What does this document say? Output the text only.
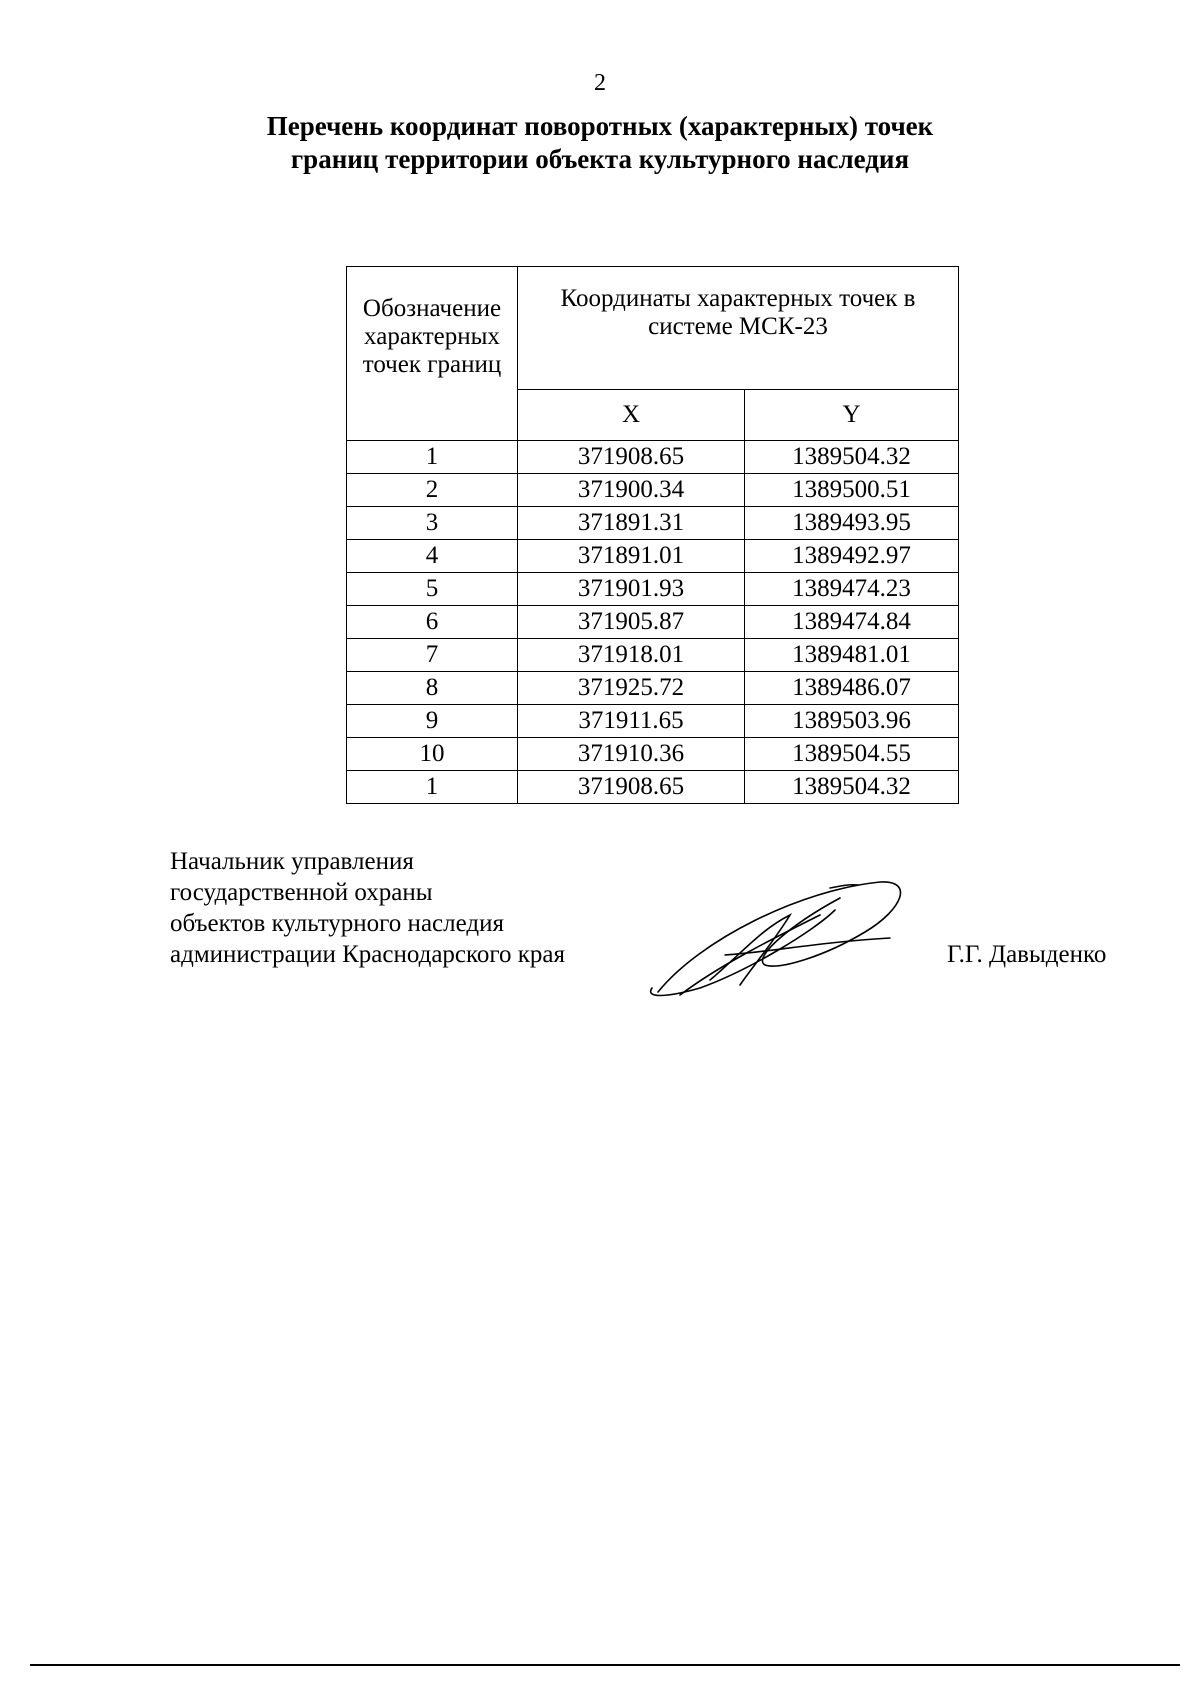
2
Перечень координат поворотных (характерных) точек
границ территории объекта культурного наследия
Обозначение характерных точек границ	Координаты характерных точек в системе МСК-23	
	X	Y
1	371908.65	1389504.32
2	371900.34	1389500.51
3	371891.31	1389493.95
4	371891.01	1389492.97
5	371901.93	1389474.23
6	371905.87	1389474.84
7	371918.01	1389481.01
8	371925.72	1389486.07
9	371911.65	1389503.96
10	371910.36	1389504.55
1	371908.65	1389504.32
Начальник управления
государственной охраны
объектов культурного наследия
администрации Краснодарского края	Г.Г. Давыденко
